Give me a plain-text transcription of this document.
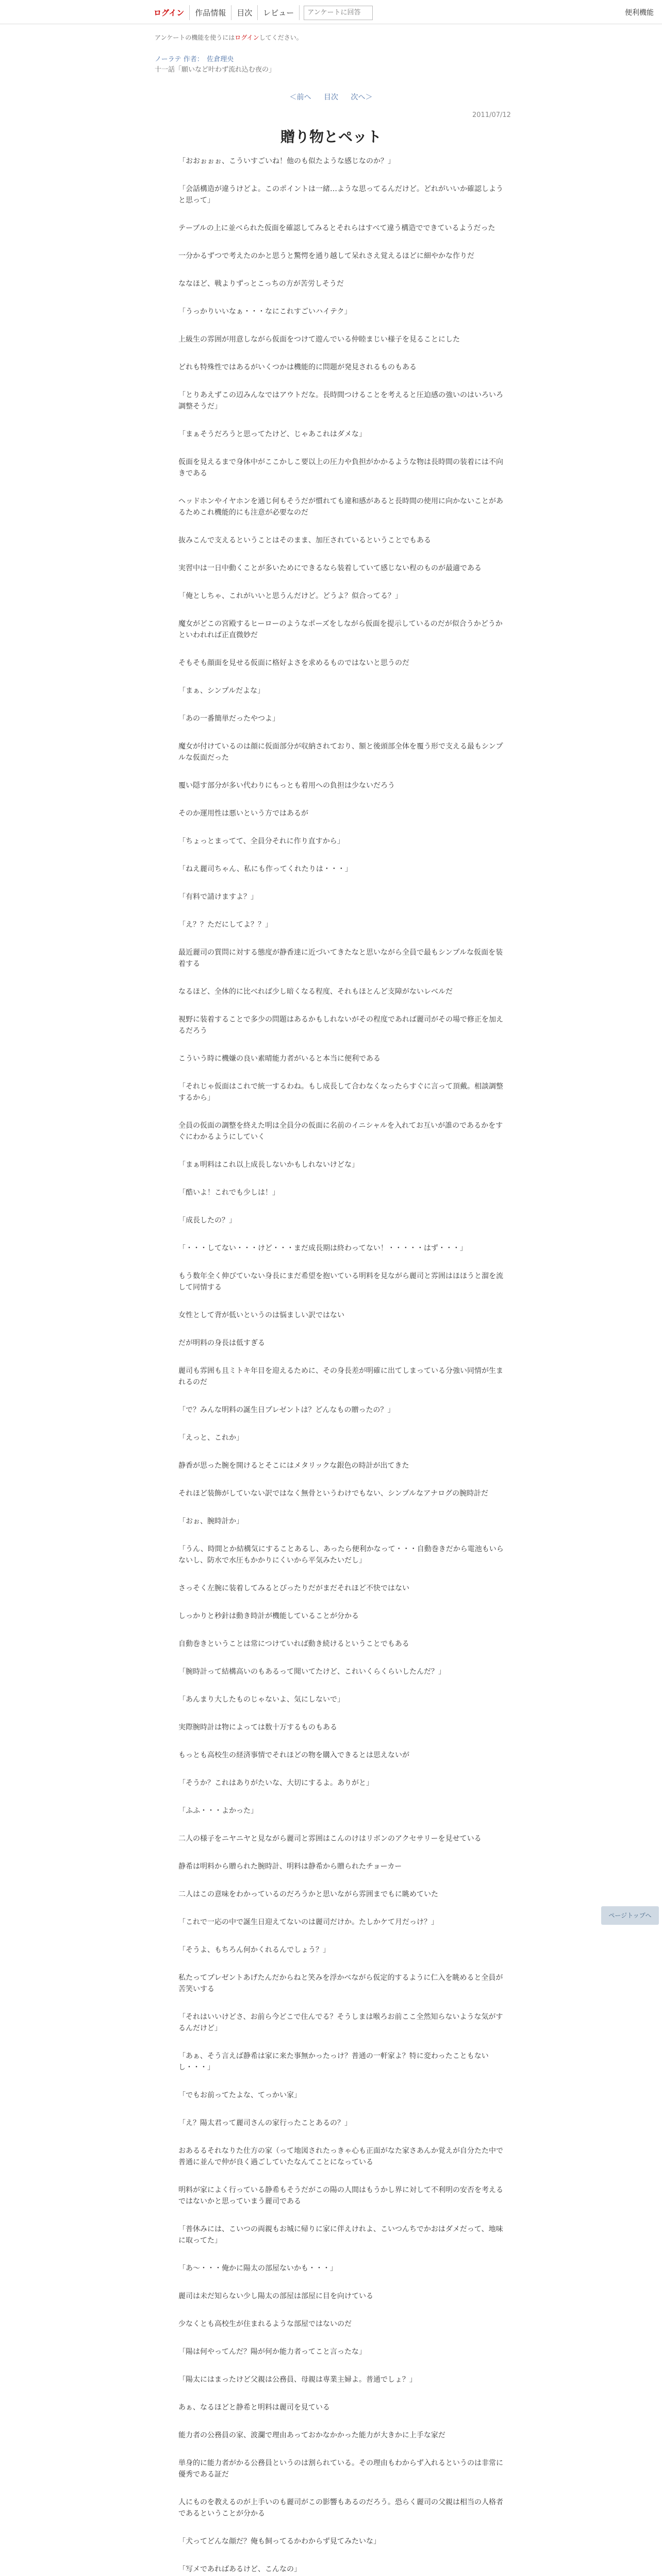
ログイン	作品情報	目次	レビュー
アンケートに回答	便利機能
アンケートの機能を使うにはログインしてください。
ノーラテ 作者：　佐倉理央
十一話「願いなど叶わず流れ込む夜の」
＜前へ 目次 次へ＞
2011/07/12
贈り物とペット

「おおぉぉぉ、こういすごいね！他のも似たような感じなのか？」

「会話構造が違うけどよ。このポイントは一緒…ような思ってるんだけど。どれがいいか確認しようと思って」

テーブルの上に並べられた仮面を確認してみるとそれらはすべて違う構造でできているようだった

一分かるずつで考えたのかと思うと驚愕を通り越して呆れさえ覚えるほどに細やかな作りだ

ななほど、戦よりずっとこっちの方が苦労しそうだ

「うっかりいいなぁ・・・なにこれすごいハイテク」

上級生の雰囲が用意しながら仮面をつけて遊んでいる仲睦まじい様子を見ることにした

どれも特殊性ではあるがいくつかは機能的に問題が発見されるものもある

「とりあえずこの辺みんなではアウトだな。長時間つけることを考えると圧迫感の強いのはいろいろ調整そうだ」

「まぁそうだろうと思ってたけど、じゃあこれはダメな」

仮面を見えるまで身体中がここかしこ要以上の圧力や負担がかかるような物は長時間の装着には不向きである

ヘッドホンやイヤホンを通じ何もそうだが慣れても違和感があると長時間の使用に向かないことがあるためこれ機能的にも注意が必要なのだ

抜みこんで支えるということはそのまま、加圧されているということでもある

実習中は一日中動くことが多いためにできるなら装着していて感じない程のものが最適である

「俺としちゃ、これがいいと思うんだけど。どうよ？似合ってる？」

魔女がどこの宮殿するヒーローのようなポーズをしながら仮面を提示しているのだが似合うかどうかといわれれば正直微妙だ

そもそも顔面を見せる仮面に格好よさを求めるものではないと思うのだ

「まぁ、シンプルだよな」

「あの一番簡単だったやつよ」

魔女が付けているのは顔に仮面部分が収納されており、額と後頭部全体を覆う形で支える最もシンプルな仮面だった

覆い隠す部分が多い代わりにもっとも着用への負担は少ないだろう

そのか運用性は悪いという方ではあるが

「ちょっとまってて、全員分それに作り直すから」

「ねえ麗司ちゃん、私にも作ってくれたりは・・・」

「有料で請けますよ？」

「え？？ただにしてよ？？」

最近麗司の質問に対する態度が静香達に近づいてきたなと思いながら全員で最もシンプルな仮面を装着する

なるほど、全体的に比べれば少し暗くなる程度、それもほとんど支障がないレベルだ

視野に装着することで多少の問題はあるかもしれないがその程度であれば麗司がその場で修正を加えるだろう

こういう時に機嫌の良い素晴能力者がいると本当に便利である

「それじゃ仮面はこれで統一するわね。もし成長して合わなくなったらすぐに言って頂戴。相談調整するから」

全員の仮面の調整を終えた明は全員分の仮面に名前のイニシャルを入れてお互いが誰のであるかをすぐにわかるようにしていく

「まぁ明料はこれ以上成長しないかもしれないけどな」

「酷いよ！これでも少しは！」

「成長したの？」

「・・・してない・・・けど・・・まだ成長期は終わってない！・・・・・はず・・・」

もう数年全く伸びていない身長にまだ希望を抱いている明料を見ながら麗司と雰囲はほほうと溜を流して同情する

女性として背が低いというのは悩ましい訳ではない

だが明料の身長は低すぎる

麗司も雰囲も且ミトキ年目を迎えるために、その身長差が明確に出てしまっている分強い同情が生まれるのだ

「で？みんな明料の誕生日プレゼントは？どんなもの贈ったの？」

「えっと、これか」

静香が思った腕を開けるとそこにはメタリックな銀色の時計が出てきた

それほど装飾がしていない訳ではなく無骨というわけでもない、シンプルなアナログの腕時計だ

「おぉ、腕時計か」

「うん、時間とか結構気にすることあるし、あったら便利かなって・・・自動巻きだから電池もいらないし、防水で水圧もかかりにくいから平気みたいだし」

さっそく左腕に装着してみるとぴったりだがまだそれほど不快ではない

しっかりと秒針は動き時計が機能していることが分かる

自動巻きということは常につけていれば動き続けるということでもある

「腕時計って結構高いのもあるって聞いてたけど、これいくらくらいしたんだ？」

「あんまり大したものじゃないよ、気にしないで」

実際腕時計は物によっては数十万するものもある

もっとも高校生の経済事情でそれほどの物を購入できるとは思えないが

「そうか？これはありがたいな、大切にするよ。ありがと」

「ふふ・・・よかった」

二人の様子をニヤニヤと見ながら麗司と雰囲はこんのけはリボンのアクセサリーを見せている

静希は明料から贈られた腕時計、明料は静希から贈られたチョーカー

二人はこの意味をわかっているのだろうかと思いながら雰囲までもに眺めていた

「これで一応の中で誕生日迎えてないのは麗司だけか。たしかケて月だっけ？」

「そうよ、もちろん何かくれるんでしょう？」

私たってプレゼントあげたんだからねと笑みを浮かべながら仮定的するように仁入を眺めると全員が苦笑いする

「それはいいけどさ、お前ら今どこで住んでる？そうしまは喉ろお前ここ全然知らないような気がするんだけど」

「あぁ、そう言えば静希は家に来た事無かったっけ？普通の一軒家よ？特に変わったこともないし・・・」

「でもお前ってたよな、てっかい家」

「え？陽太君って麗司さんの家行ったことあるの？」

おあるるそれなりた仕方の家（って地図されたっきゃ心も正面がなた家さあんか覚えが自分たた中で普通に並んで仲が良く過ごしていたなんてことになっている

明料が家によく行っている静希もそうだがこの陽の人間はもうかし界に対して不利明の安否を考えるではないかと思っていまう麗司である

「普休みには、こいつの両親もお城に帰りに家に伴えけれよ、こいつんちでかおはダメだって、地味に取ってた」

「あ〜・・・俺かに陽太の部屋ないかも・・・」

麗司は未だ知らない少し陽太の部屋は部屋に目を向けている

少なくとも高校生が住まれるような部屋ではないのだ

「陽は何やってんだ？陽が何か能力者ってこと言ったな」

「陽太にはまったけど父親は公務員、母親は専業主婦よ。普通でしょ？」

あぁ、なるほどと静希と明料は麗司を見ている

能力者の公務員の家、波瀾で理由あっておかなかかった能力が大きかに上手な家だ

単身的に能力者がかる公務員というのは割られている。その理由もわからず入れるというのは非常に優秀である証だ

人にものを教えるのが上手いのも麗司がこの影響もあるのだろう。恐らく麗司の父親は相当の人格者であるということが分かる

「犬ってどんな顔だ？俺も飼ってるかわからず見てみたいな」

「写メであればあるけど、こんなの」

ページトップへ
